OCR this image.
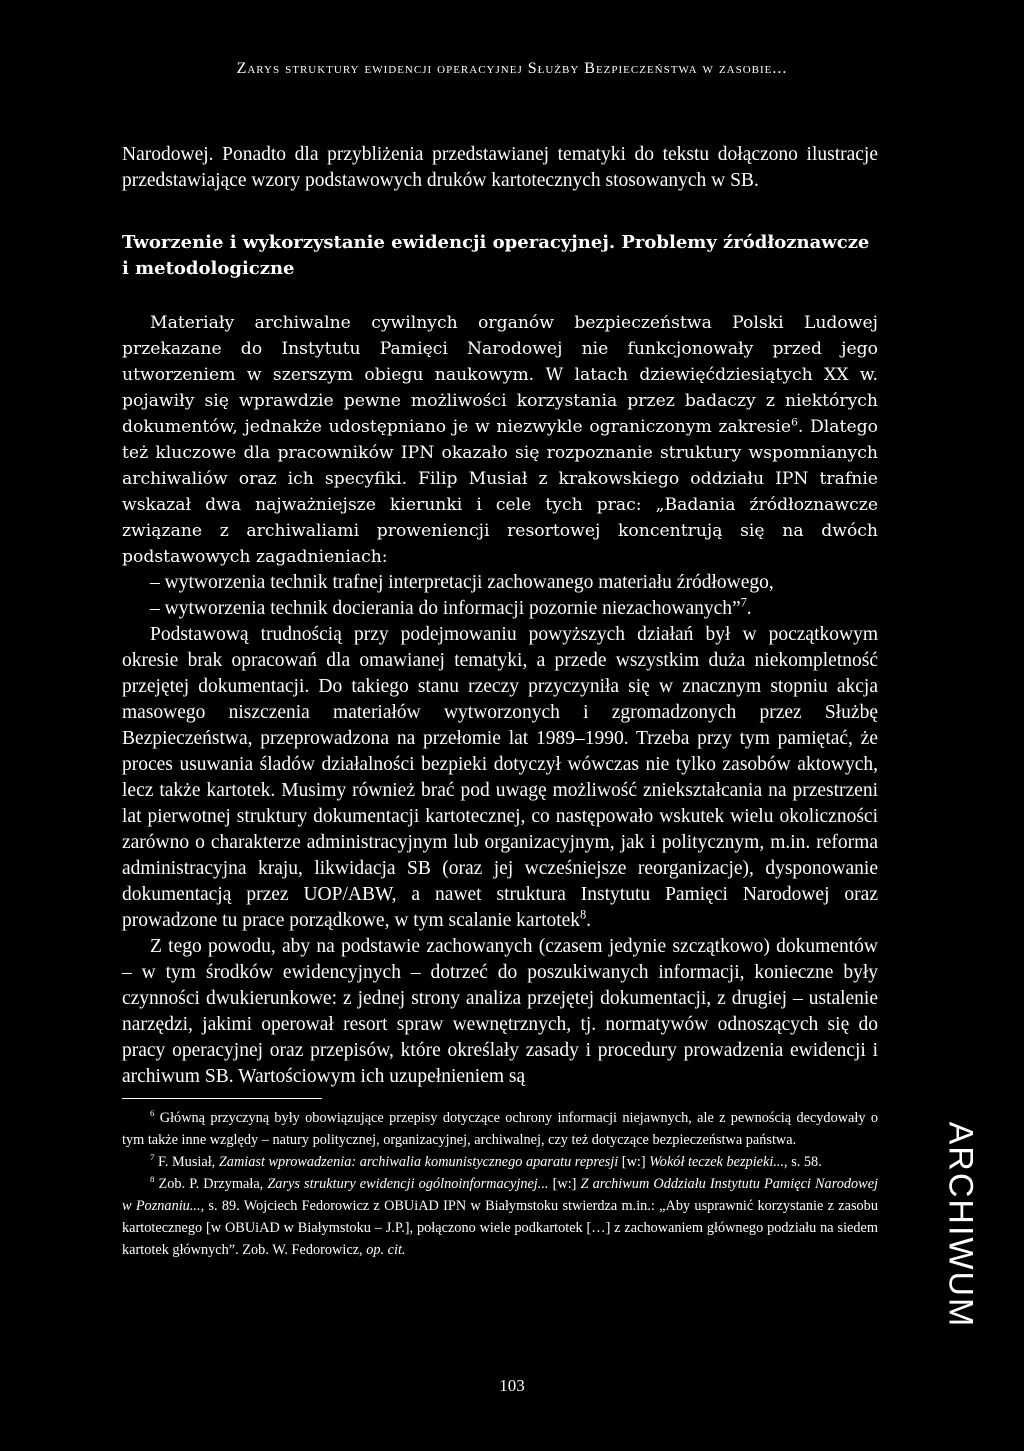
Zarys struktury ewidencji operacyjnej Służby Bezpieczeństwa w zasobie...

Narodowej. Ponadto dla przybliżenia przedstawianej tematyki do tekstu dołączono ilustracje przedstawiające wzory podstawowych druków kartotecznych stosowanych w SB.

Tworzenie i wykorzystanie ewidencji operacyjnej. Problemy źródłoznawcze i metodologiczne

Materiały archiwalne cywilnych organów bezpieczeństwa Polski Ludowej przekazane do Instytutu Pamięci Narodowej nie funkcjonowały przed jego utworzeniem w szerszym obiegu naukowym. W latach dziewięćdziesiątych XX w. pojawiły się wprawdzie pewne możliwości korzystania przez badaczy z niektórych dokumentów, jednakże udostępniano je w niezwykle ograniczonym zakresie$^6$. Dlatego też kluczowe dla pracowników IPN okazało się rozpoznanie struktury wspomnianych archiwaliów oraz ich specyfiki. Filip Musiał z krakowskiego oddziału IPN trafnie wskazał dwa najważniejsze kierunki i cele tych prac: „Badania źródłoznawcze związane z archiwaliami proweniencji resortowej koncentrują się na dwóch podstawowych zagadnieniach:

– wytworzenia technik trafnej interpretacji zachowanego materiału źródłowego,

– wytworzenia technik docierania do informacji pozornie niezachowanych”$^7$.

Podstawową trudnością przy podejmowaniu powyższych działań był w początkowym okresie brak opracowań dla omawianej tematyki, a przede wszystkim duża niekompletność przejętej dokumentacji. Do takiego stanu rzeczy przyczyniła się w znacznym stopniu akcja masowego niszczenia materiałów wytworzonych i zgromadzonych przez Służbę Bezpieczeństwa, przeprowadzona na przełomie lat 1989–1990. Trzeba przy tym pamiętać, że proces usuwania śladów działalności bezpieki dotyczył wówczas nie tylko zasobów aktowych, lecz także kartotek. Musimy również brać pod uwagę możliwość zniekształcania na przestrzeni lat pierwotnej struktury dokumentacji kartotecznej, co następowało wskutek wielu okoliczności zarówno o charakterze administracyjnym lub organizacyjnym, jak i politycznym, m.in. reforma administracyjna kraju, likwidacja SB (oraz jej wcześniejsze reorganizacje), dysponowanie dokumentacją przez UOP/ABW, a nawet struktura Instytutu Pamięci Narodowej oraz prowadzone tu prace porządkowe, w tym scalanie kartotek$^8$.

Z tego powodu, aby na podstawie zachowanych (czasem jedynie szczątkowo) dokumentów – w tym środków ewidencyjnych – dotrzeć do poszukiwanych informacji, konieczne były czynności dwukierunkowe: z jednej strony analiza przejętej dokumentacji, z drugiej – ustalenie narzędzi, jakimi operował resort spraw wewnętrznych, tj. normatywów odnoszących się do pracy operacyjnej oraz przepisów, które określały zasady i procedury prowadzenia ewidencji i archiwum SB. Wartościowym ich uzupełnieniem są

$^6$ Główną przyczyną były obowiązujące przepisy dotyczące ochrony informacji niejawnych, ale z pewnością decydowały o tym także inne względy – natury politycznej, organizacyjnej, archiwalnej, czy też dotyczące bezpieczeństwa państwa.

$^7$ F. Musiał, Zamiast wprowadzenia: archiwalia komunistycznego aparatu represji [w:] Wokół teczek bezpieki..., s. 58.

$^8$ Zob. P. Drzymała, Zarys struktury ewidencji ogólnoinformacyjnej... [w:] Z archiwum Oddziału Instytutu Pamięci Narodowej w Poznaniu..., s. 89. Wojciech Fedorowicz z OBUiAD IPN w Białymstoku stwierdza m.in.: „Aby usprawnić korzystanie z zasobu kartotecznego [w OBUiAD w Białymstoku – J.P.], połączono wiele podkartotek […] z zachowaniem głównego podziału na siedem kartotek głównych”. Zob. W. Fedorowicz, op. cit.

103
ARCHIWUM
